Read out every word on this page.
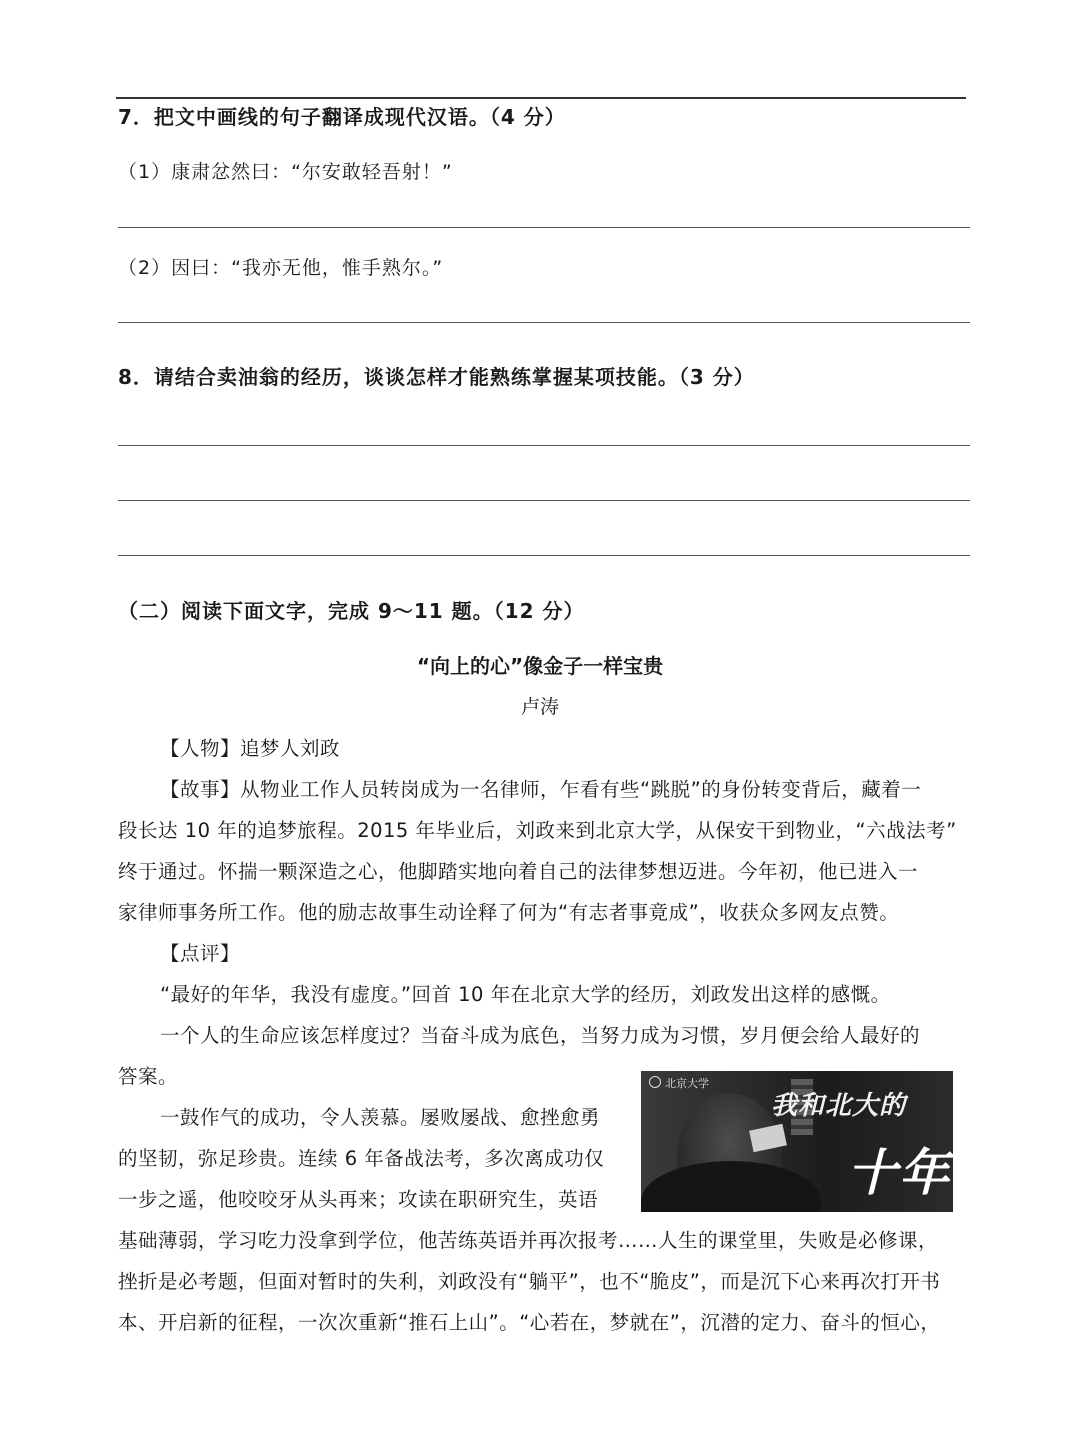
7．把文中画线的句子翻译成现代汉语。（4 分）
（1）康肃忿然曰：“尔安敢轻吾射！”
（2）因曰：“我亦无他，惟手熟尔。”
8．请结合卖油翁的经历，谈谈怎样才能熟练掌握某项技能。（3 分）
（二）阅读下面文字，完成 9～11 题。（12 分）
“向上的心”像金子一样宝贵
卢涛
【人物】追梦人刘政
【故事】从物业工作人员转岗成为一名律师，乍看有些“跳脱”的身份转变背后，藏着一
段长达 10 年的追梦旅程。2015 年毕业后，刘政来到北京大学，从保安干到物业，“六战法考”
终于通过。怀揣一颗深造之心，他脚踏实地向着自己的法律梦想迈进。今年初，他已进入一
家律师事务所工作。他的励志故事生动诠释了何为“有志者事竟成”，收获众多网友点赞。
【点评】
“最好的年华，我没有虚度。”回首 10 年在北京大学的经历，刘政发出这样的感慨。
一个人的生命应该怎样度过？当奋斗成为底色，当努力成为习惯，岁月便会给人最好的
答案。	北京大学
我和北大的
十年
一鼓作气的成功，令人羡慕。屡败屡战、愈挫愈勇
的坚韧，弥足珍贵。连续 6 年备战法考，多次离成功仅
一步之遥，他咬咬牙从头再来；攻读在职研究生，英语
基础薄弱，学习吃力没拿到学位，他苦练英语并再次报考……人生的课堂里，失败是必修课，
挫折是必考题，但面对暂时的失利，刘政没有“躺平”，也不“脆皮”，而是沉下心来再次打开书
本、开启新的征程，一次次重新“推石上山”。“心若在，梦就在”，沉潜的定力、奋斗的恒心，
